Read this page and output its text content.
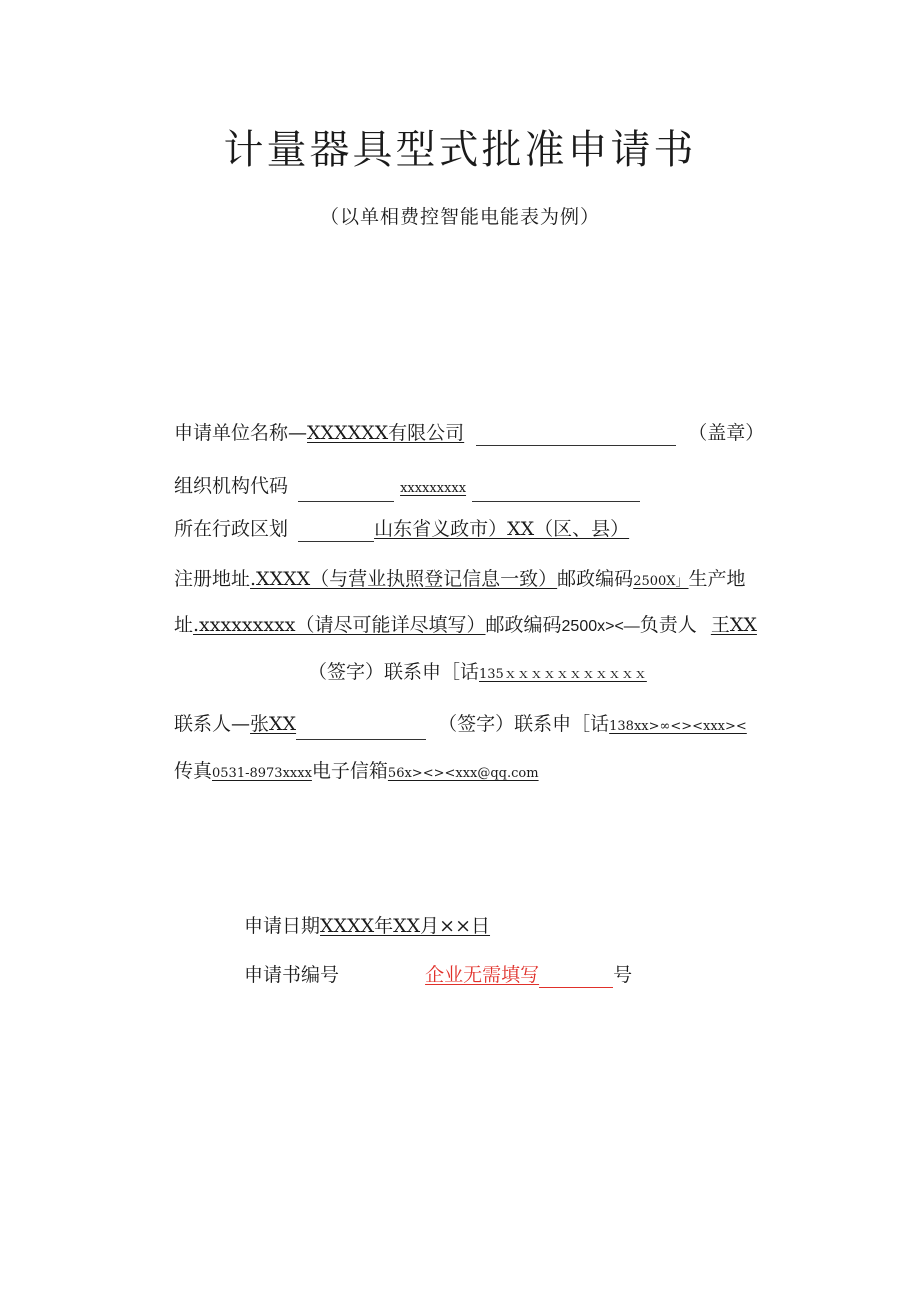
计量器具型式批准申请书
（以单相费控智能电能表为例）
申请单位名称—XXXXXX有限公司	（盖章）
组织机构代码	xxxxxxxxx
所在行政区划	山东省义政市）XX（区、县）
注册地址.XXXX（与营业执照登记信息一致）邮政编码2500X」生产地
址.xxxxxxxxx（请尽可能详尽填写）邮政编码2500x><—负责人 王XX
（签字）联系申［话135ｘｘｘｘｘｘｘｘｘｘｘ
联系人—张XX	（签字）联系申［话138xx>∞<><xxx><
传真0531-8973xxxx电子信箱56x><><xxx@qq.com
申请日期XXXX年XX月××日
申请书编号	企业无需填写	号
